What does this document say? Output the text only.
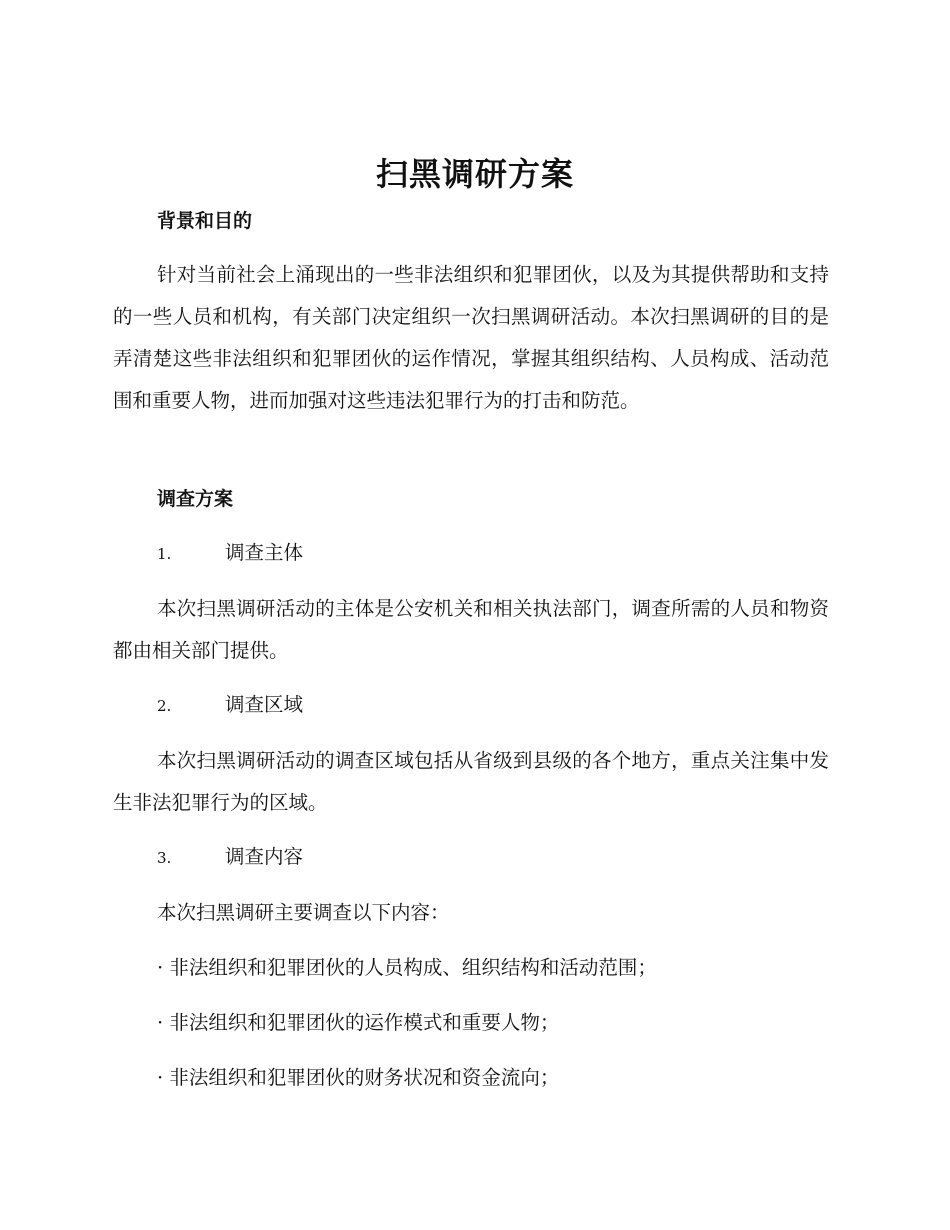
扫黑调研方案
背景和目的

针对当前社会上涌现出的一些非法组织和犯罪团伙，以及为其提供帮助和支持的一些人员和机构，有关部门决定组织一次扫黑调研活动。本次扫黑调研的目的是弄清楚这些非法组织和犯罪团伙的运作情况，掌握其组织结构、人员构成、活动范围和重要人物，进而加强对这些违法犯罪行为的打击和防范。

调查方案
1.	调查主体

本次扫黑调研活动的主体是公安机关和相关执法部门，调查所需的人员和物资都由相关部门提供。

2.	调查区域

本次扫黑调研活动的调查区域包括从省级到县级的各个地方，重点关注集中发生非法犯罪行为的区域。

3.	调查内容
本次扫黑调研主要调查以下内容：
· 非法组织和犯罪团伙的人员构成、组织结构和活动范围；
· 非法组织和犯罪团伙的运作模式和重要人物；
· 非法组织和犯罪团伙的财务状况和资金流向；
